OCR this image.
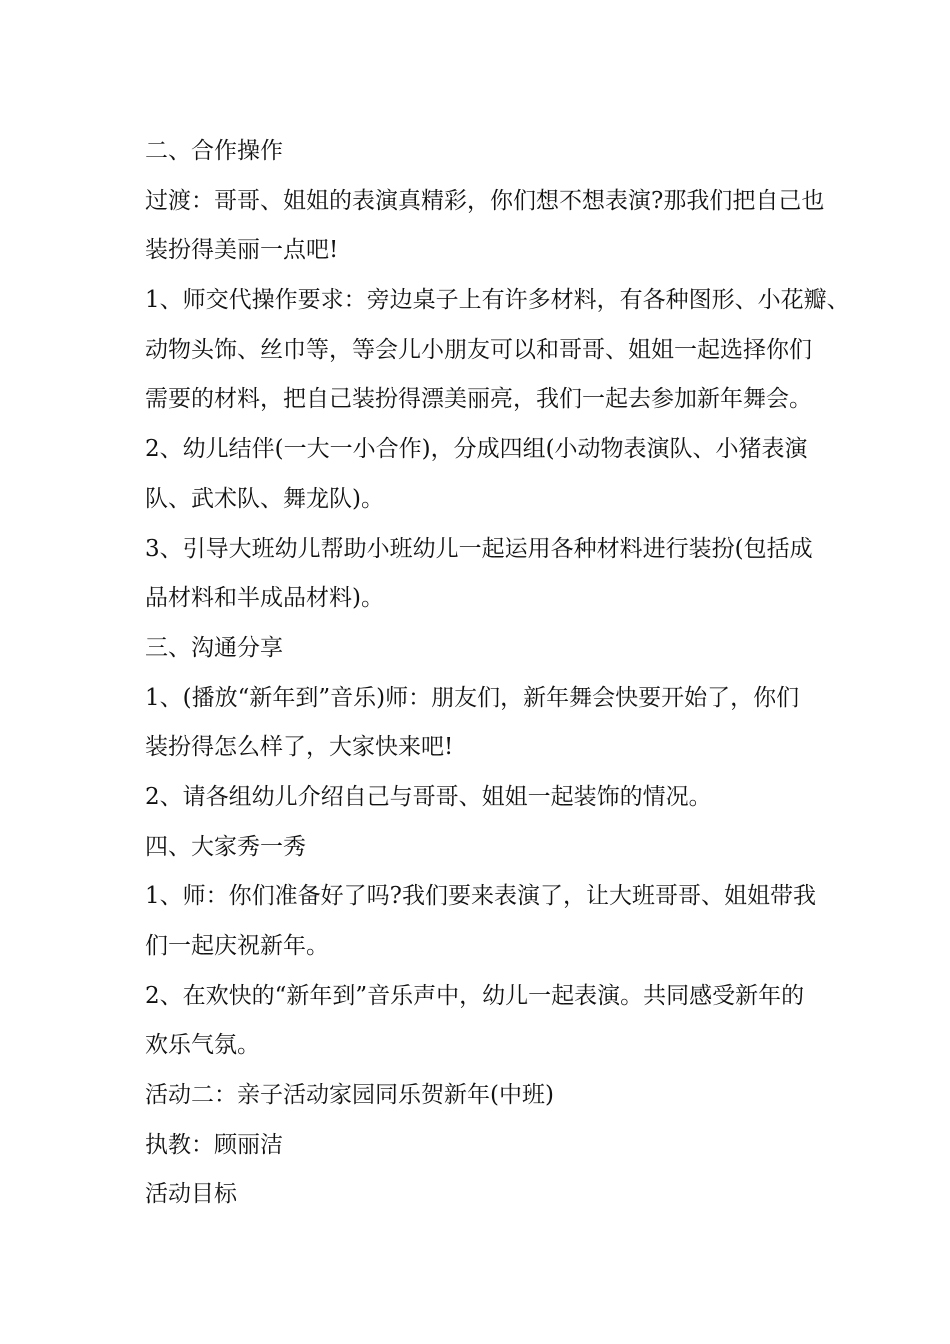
二、合作操作

过渡：哥哥、姐姐的表演真精彩，你们想不想表演?那我们把自己也

装扮得美丽一点吧!

1、师交代操作要求：旁边桌子上有许多材料，有各种图形、小花瓣、

动物头饰、丝巾等，等会儿小朋友可以和哥哥、姐姐一起选择你们

需要的材料，把自己装扮得漂美丽亮，我们一起去参加新年舞会。

2、幼儿结伴(一大一小合作)，分成四组(小动物表演队、小猪表演

队、武术队、舞龙队)。

3、引导大班幼儿帮助小班幼儿一起运用各种材料进行装扮(包括成

品材料和半成品材料)。

三、沟通分享

1、(播放“新年到”音乐)师：朋友们，新年舞会快要开始了，你们

装扮得怎么样了，大家快来吧!

2、请各组幼儿介绍自己与哥哥、姐姐一起装饰的情况。

四、大家秀一秀

1、师：你们准备好了吗?我们要来表演了，让大班哥哥、姐姐带我

们一起庆祝新年。

2、在欢快的“新年到”音乐声中，幼儿一起表演。共同感受新年的

欢乐气氛。

活动二：亲子活动家园同乐贺新年(中班)

执教：顾丽洁

活动目标
